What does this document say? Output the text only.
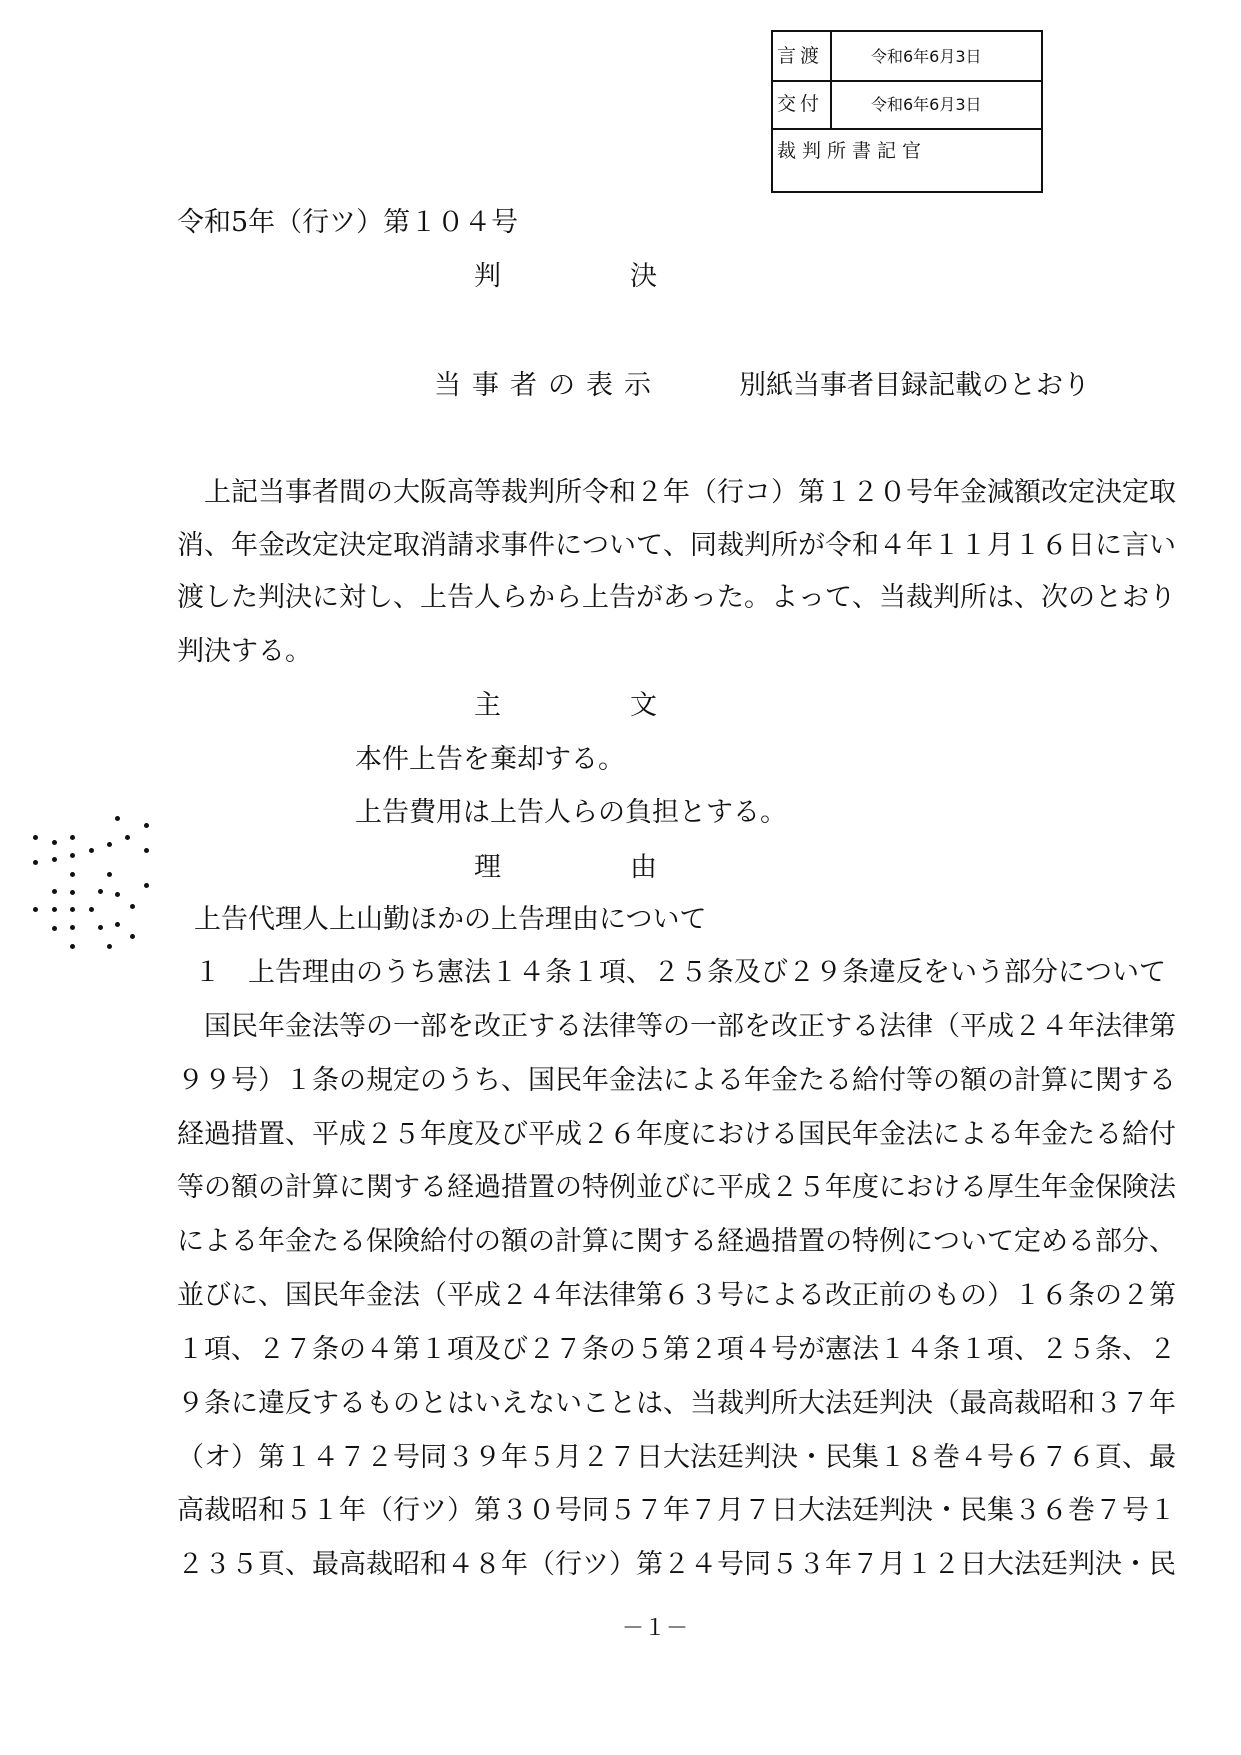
言渡	令和6年6月3日
交付	令和6年6月3日
裁判所書記官
令和5年（行ツ）第１０４号
判	決
当事者の表示	別紙当事者目録記載のとおり

上 記 当 事 者 間 の 大 阪 高 等 裁 判 所 令 和 ２ 年 （ 行 コ ） 第 １ ２ ０ 号 年 金 減 額 改 定 決 定 取
消 、 年 金 改 定 決 定 取 消 請 求 事 件 に つ い て 、 同 裁 判 所 が 令 和 ４ 年 １ １ 月 １ ６ 日 に 言 い
渡 し た 判 決 に 対 し 、 上 告 人 ら か ら 上 告 が あ っ た 。 よ っ て 、 当 裁 判 所 は 、 次 の と お り
判決する。
主	文
本件上告を棄却する。
上告費用は上告人らの負担とする。
理	由
上告代理人上山勤ほかの上告理由について
１
　 上 告 理 由 の う ち 憲 法 １ ４ 条 １ 項 、 ２ ５ 条 及 び ２ ９ 条 違 反 を い う 部 分 に つ い て

国 民 年 金 法 等 の 一 部 を 改 正 す る 法 律 等 の 一 部 を 改 正 す る 法 律 （ 平 成 ２ ４ 年 法 律 第
９ ９ 号 ） １ 条 の 規 定 の う ち 、 国 民 年 金 法 に よ る 年 金 た る 給 付 等 の 額 の 計 算 に 関 す る
経 過 措 置 、 平 成 ２ ５ 年 度 及 び 平 成 ２ ６ 年 度 に お け る 国 民 年 金 法 に よ る 年 金 た る 給 付
等 の 額 の 計 算 に 関 す る 経 過 措 置 の 特 例 並 び に 平 成 ２ ５ 年 度 に お け る 厚 生 年 金 保 険 法
に よ る 年 金 た る 保 険 給 付 の 額 の 計 算 に 関 す る 経 過 措 置 の 特 例 に つ い て 定 め る 部 分 、
並 び に 、 国 民 年 金 法 （ 平 成 ２ ４ 年 法 律 第 ６ ３ 号 に よ る 改 正 前 の も の ） １ ６ 条 の ２ 第
１ 項 、 ２ ７ 条 の ４ 第 １ 項 及 び ２ ７ 条 の ５ 第 ２ 項 ４ 号 が 憲 法 １ ４ 条 １ 項 、 ２ ５ 条 、 ２
９ 条 に 違 反 す る も の と は い え な い こ と は 、 当 裁 判 所 大 法 廷 判 決 （ 最 高 裁 昭 和 ３ ７ 年
（ オ ） 第 １ ４ ７ ２ 号 同 ３ ９ 年 ５ 月 ２ ７ 日 大 法 廷 判 決 ・ 民 集 １ ８ 巻 ４ 号 ６ ７ ６ 頁 、 最
高 裁 昭 和 ５ １ 年 （ 行 ツ ） 第 ３ ０ 号 同 ５ ７ 年 ７ 月 ７ 日 大 法 廷 判 決 ・ 民 集 ３ ６ 巻 ７ 号 １
２ ３ ５ 頁 、 最 高 裁 昭 和 ４ ８ 年 （ 行 ツ ） 第 ２ ４ 号 同 ５ ３ 年 ７ 月 １ ２ 日 大 法 廷 判 決 ・ 民
－１－
